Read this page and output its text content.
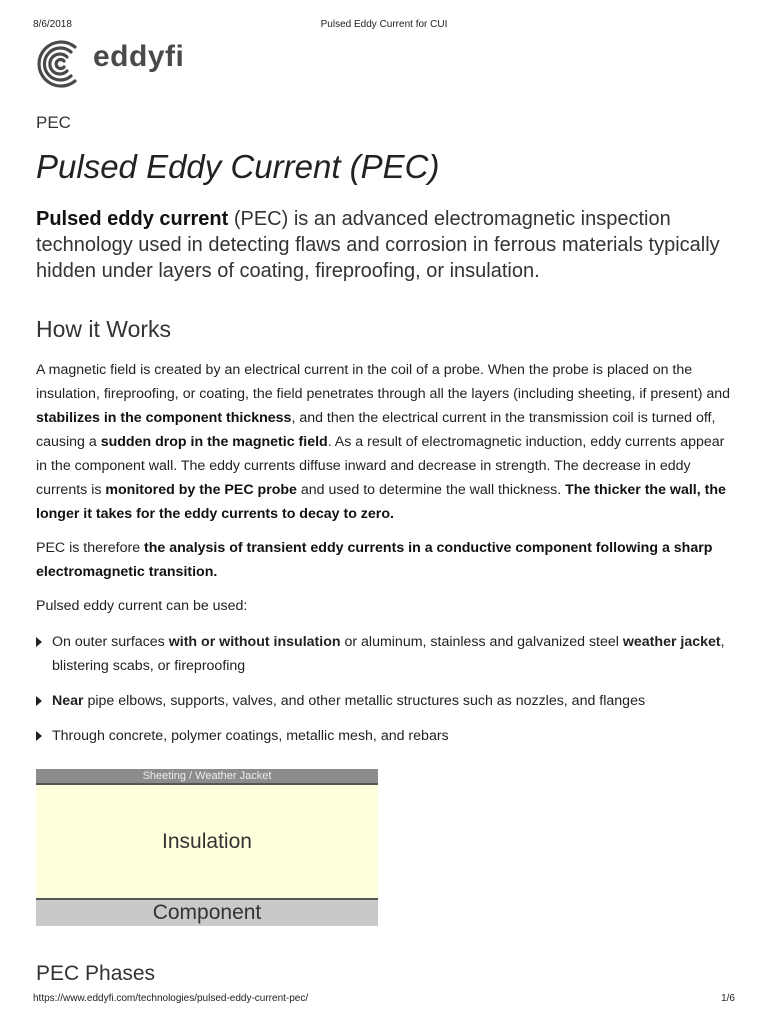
8/6/2018	Pulsed Eddy Current for CUI
eddyfi

PEC

Pulsed Eddy Current (PEC)

Pulsed eddy current (PEC) is an advanced electromagnetic inspection technology used in detecting flaws and corrosion in ferrous materials typically hidden under layers of coating, fireproofing, or insulation.

How it Works

A magnetic field is created by an electrical current in the coil of a probe. When the probe is placed on the insulation, fireproofing, or coating, the field penetrates through all the layers (including sheeting, if present) and stabilizes in the component thickness, and then the electrical current in the transmission coil is turned off, causing a sudden drop in the magnetic field. As a result of electromagnetic induction, eddy currents appear in the component wall. The eddy currents diffuse inward and decrease in strength. The decrease in eddy currents is monitored by the PEC probe and used to determine the wall thickness. The thicker the wall, the longer it takes for the eddy currents to decay to zero.

PEC is therefore the analysis of transient eddy currents in a conductive component following a sharp electromagnetic transition.

Pulsed eddy current can be used:

On outer surfaces with or without insulation or aluminum, stainless and galvanized steel weather jacket, blistering scabs, or fireproofing
Near pipe elbows, supports, valves, and other metallic structures such as nozzles, and flanges
Through concrete, polymer coatings, metallic mesh, and rebars
Sheeting / Weather Jacket
Insulation
Component
PEC Phases
https://www.eddyfi.com/technologies/pulsed-eddy-current-pec/	1/6
